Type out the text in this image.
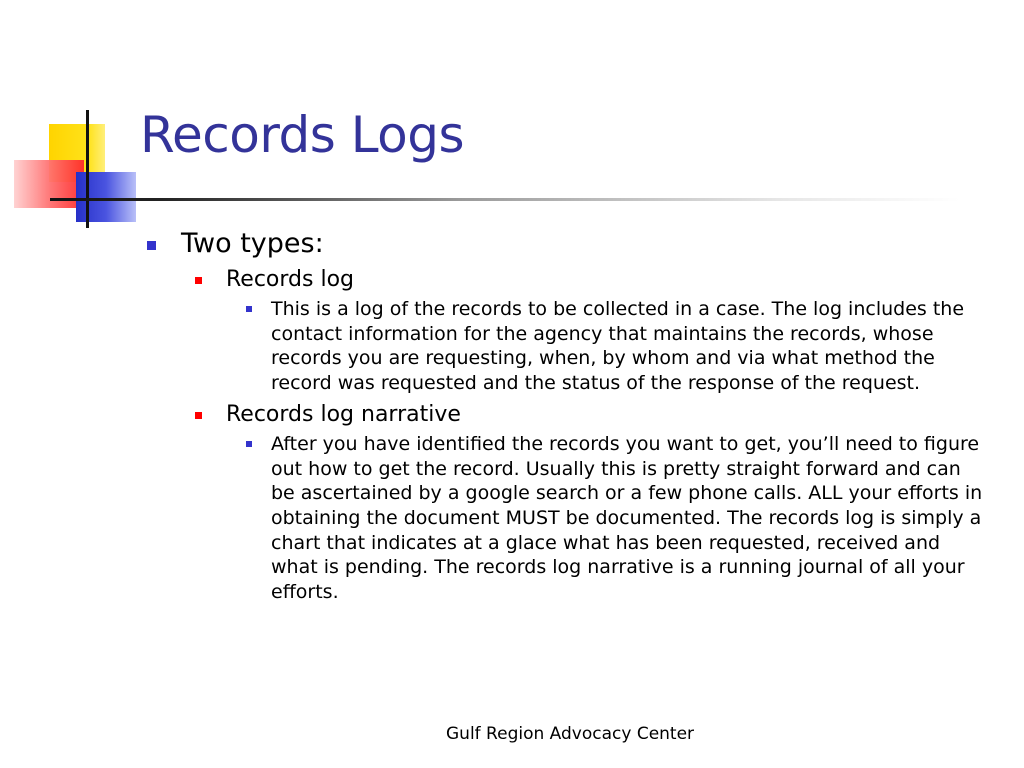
Records Logs
Two types:
Records log
This is a log of the records to be collected in a case. The log includes the contact information for the agency that maintains the records, whose records you are requesting, when, by whom and via what method the record was requested and the status of the response of the request.
Records log narrative
After you have identified the records you want to get, you’ll need to figure out how to get the record. Usually this is pretty straight forward and can be ascertained by a google search or a few phone calls. ALL your efforts in obtaining the document MUST be documented. The records log is simply a chart that indicates at a glace what has been requested, received and what is pending. The records log narrative is a running journal of all your efforts.
Gulf Region Advocacy Center
